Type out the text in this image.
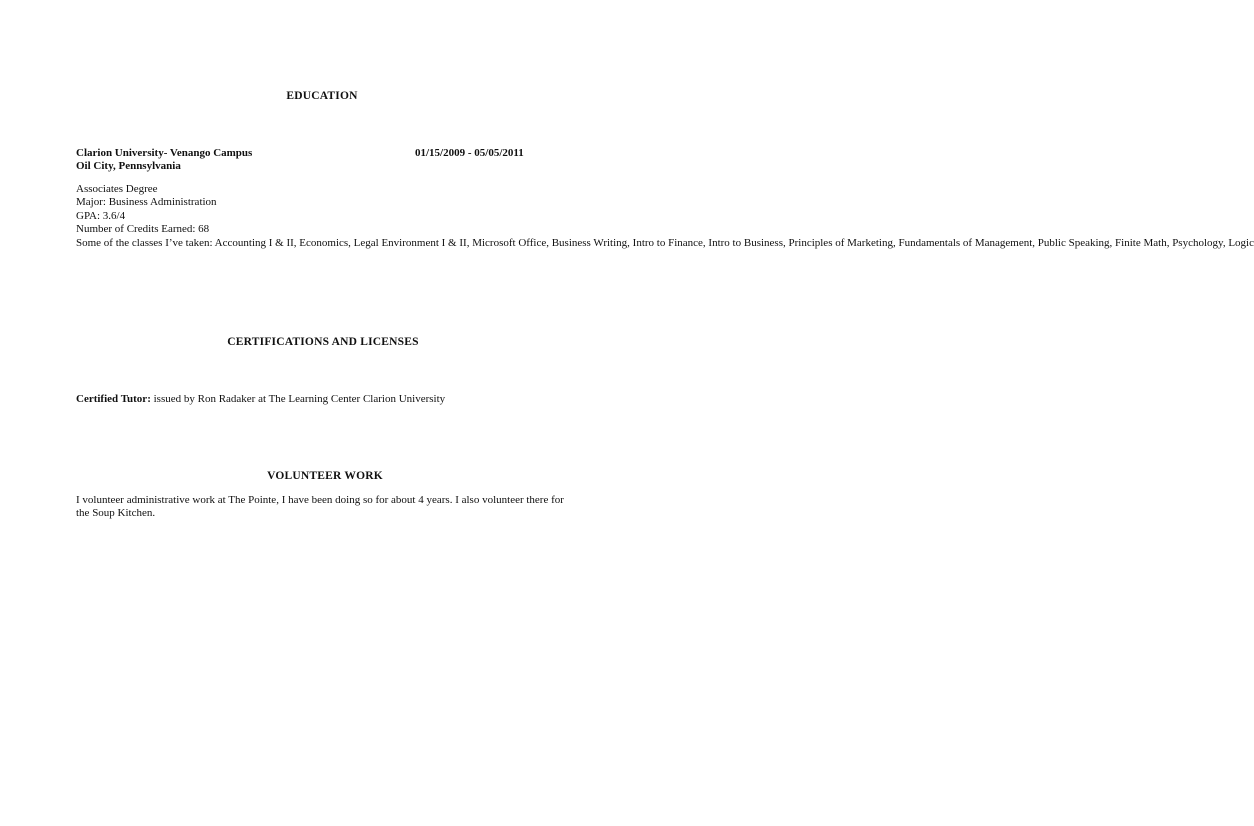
EDUCATION
Clarion University- Venango Campus	01/15/2009 - 05/05/2011
Oil City, Pennsylvania
Associates Degree
Major: Business Administration
GPA: 3.6/4
Number of Credits Earned: 68
Some of the classes I’ve taken: Accounting I & II, Economics, Legal Environment I & II, Microsoft Office, Business Writing, Intro to Finance, Intro to Business, Principles of Marketing, Fundamentals of Management, Public Speaking, Finite Math, Psychology, Logic
CERTIFICATIONS AND LICENSES
Certified Tutor: issued by Ron Radaker at The Learning Center Clarion University
VOLUNTEER WORK
I volunteer administrative work at The Pointe, I have been doing so for about 4 years. I also volunteer there for the Soup Kitchen.
